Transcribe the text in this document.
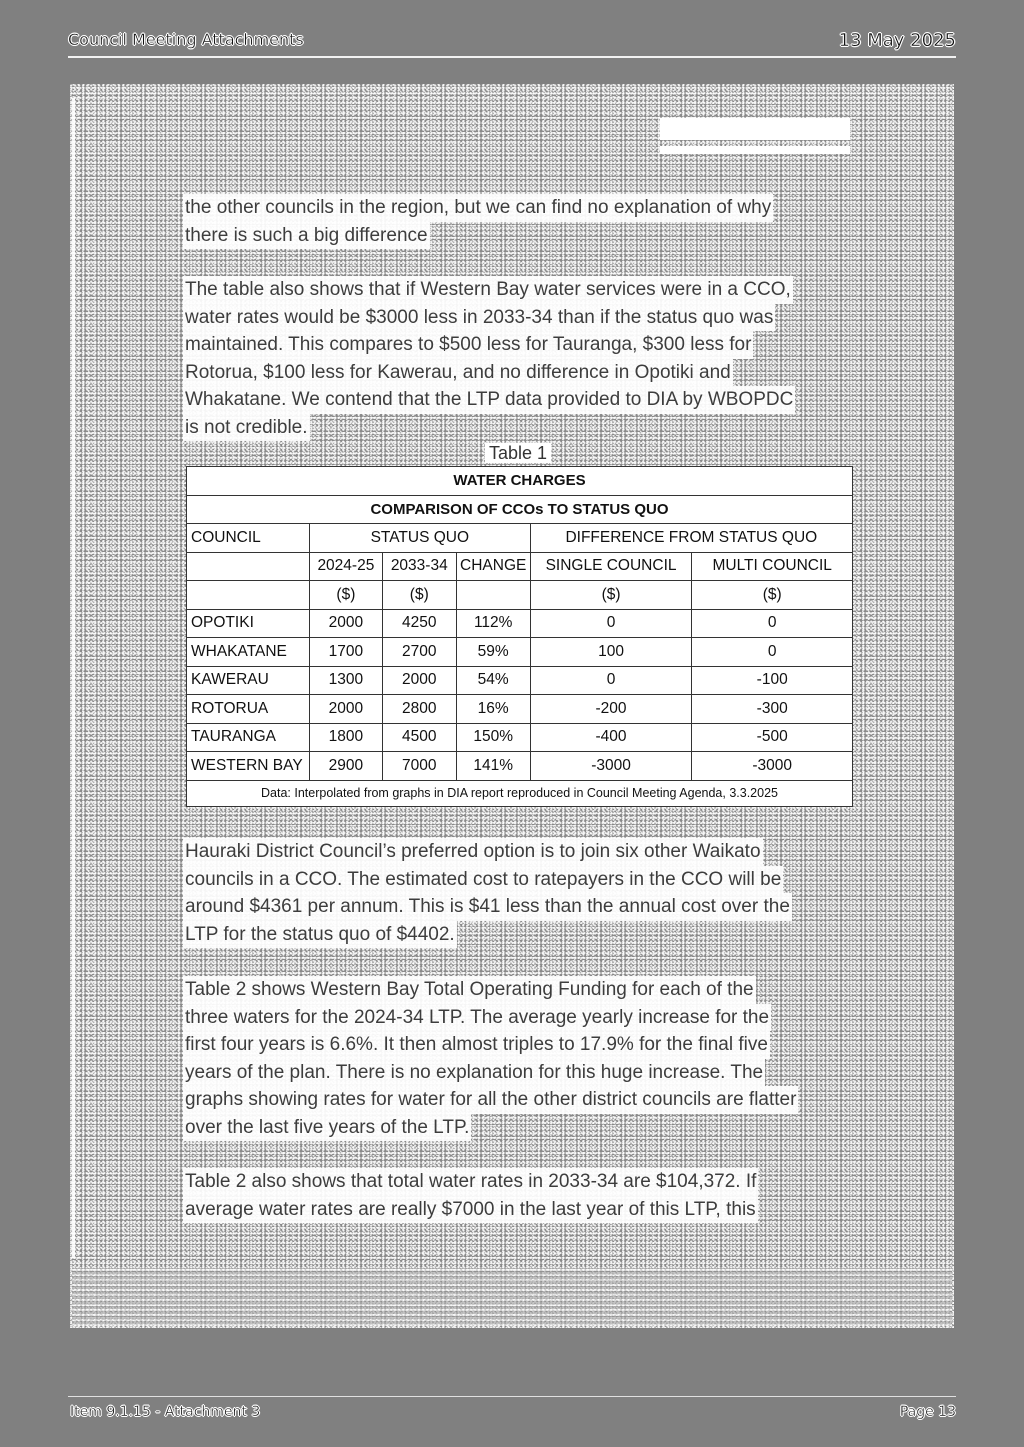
Council Meeting Attachments	13 May 2025
the other councils in the region, but we can find no explanation of why
there is such a big difference
The table also shows that if Western Bay water services were in a CCO,
water rates would be $3000 less in 2033-34 than if the status quo was
maintained. This compares to $500 less for Tauranga, $300 less for
Rotorua, $100 less for Kawerau, and no difference in Opotiki and
Whakatane. We contend that the LTP data provided to DIA by WBOPDC
is not credible.
Table 1
WATER CHARGES					
COMPARISON OF CCOs TO STATUS QUO					
COUNCIL	STATUS QUO			DIFFERENCE FROM STATUS QUO	
	2024-25	2033-34	CHANGE	SINGLE COUNCIL	MULTI COUNCIL
	($)	($)		($)	($)
OPOTIKI	2000	4250	112%	0	0
WHAKATANE	1700	2700	59%	100	0
KAWERAU	1300	2000	54%	0	-100
ROTORUA	2000	2800	16%	-200	-300
TAURANGA	1800	4500	150%	-400	-500
WESTERN BAY	2900	7000	141%	-3000	-3000
Data: Interpolated from graphs in DIA report reproduced in Council Meeting Agenda, 3.3.2025					
Hauraki District Council’s preferred option is to join six other Waikato
councils in a CCO. The estimated cost to ratepayers in the CCO will be
around $4361 per annum. This is $41 less than the annual cost over the
LTP for the status quo of $4402.
Table 2 shows Western Bay Total Operating Funding for each of the
three waters for the 2024-34 LTP. The average yearly increase for the
first four years is 6.6%. It then almost triples to 17.9% for the final five
years of the plan. There is no explanation for this huge increase. The
graphs showing rates for water for all the other district councils are flatter
over the last five years of the LTP.
Table 2 also shows that total water rates in 2033-34 are $104,372. If
average water rates are really $7000 in the last year of this LTP, this
Item 9.1.15 - Attachment 3	Page 13
